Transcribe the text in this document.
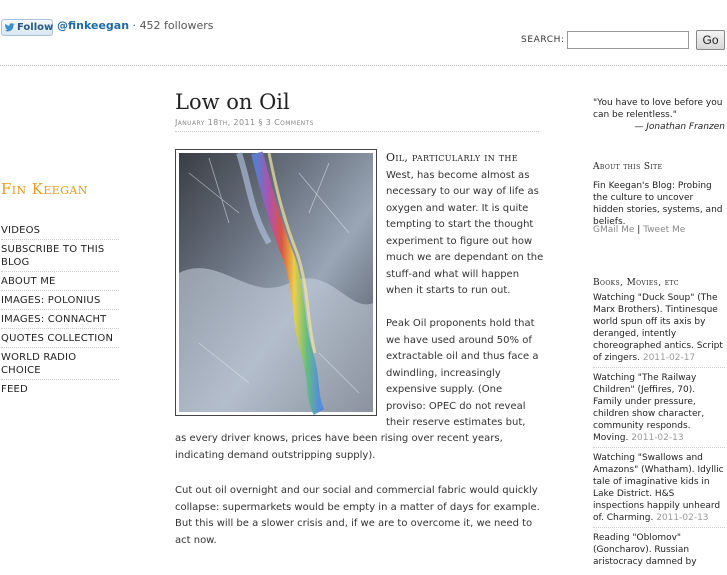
Follow @finkeegan · 452 followers
SEARCH:	Go
Fin Keegan
VIDEOS
SUBSCRIBE TO THIS BLOG
ABOUT ME
IMAGES: POLONIUS
IMAGES: CONNACHT
QUOTES COLLECTION
WORLD RADIO CHOICE
FEED
Low on Oil
January 18th, 2011 § 3 Comments
Oil, particularly in the West, has become almost as necessary to our way of life as oxygen and water. It is quite tempting to start the thought experiment to figure out how much we are dependant on the stuff-and what will happen when it starts to run out.
Peak Oil proponents hold that we have used around 50% of extractable oil and thus face a dwindling, increasingly expensive supply. (One proviso: OPEC do not reveal their reserve estimates but,
as every driver knows, prices have been rising over recent years, indicating demand outstripping supply).
Cut out oil overnight and our social and commercial fabric would quickly collapse: supermarkets would be empty in a matter of days for example. But this will be a slower crisis and, if we are to overcome it, we need to act now.
"You have to love before you can be relentless."
— Jonathan Franzen
About this Site
Fin Keegan's Blog: Probing the culture to uncover hidden stories, systems, and beliefs.
GMail Me | Tweet Me
Books, Movies, etc
Watching "Duck Soup" (The Marx Brothers). Tintinesque world spun off its axis by deranged, intently choreographed antics. Script of zingers. 2011-02-17
Watching "The Railway Children" (Jeffires, 70). Family under pressure, children show character, community responds. Moving. 2011-02-13
Watching "Swallows and Amazons" (Whatham). Idyllic tale of imaginative kids in Lake District. H&S inspections happily unheard of. Charming. 2011-02-13
Reading "Oblomov" (Goncharov). Russian aristocracy damned by
